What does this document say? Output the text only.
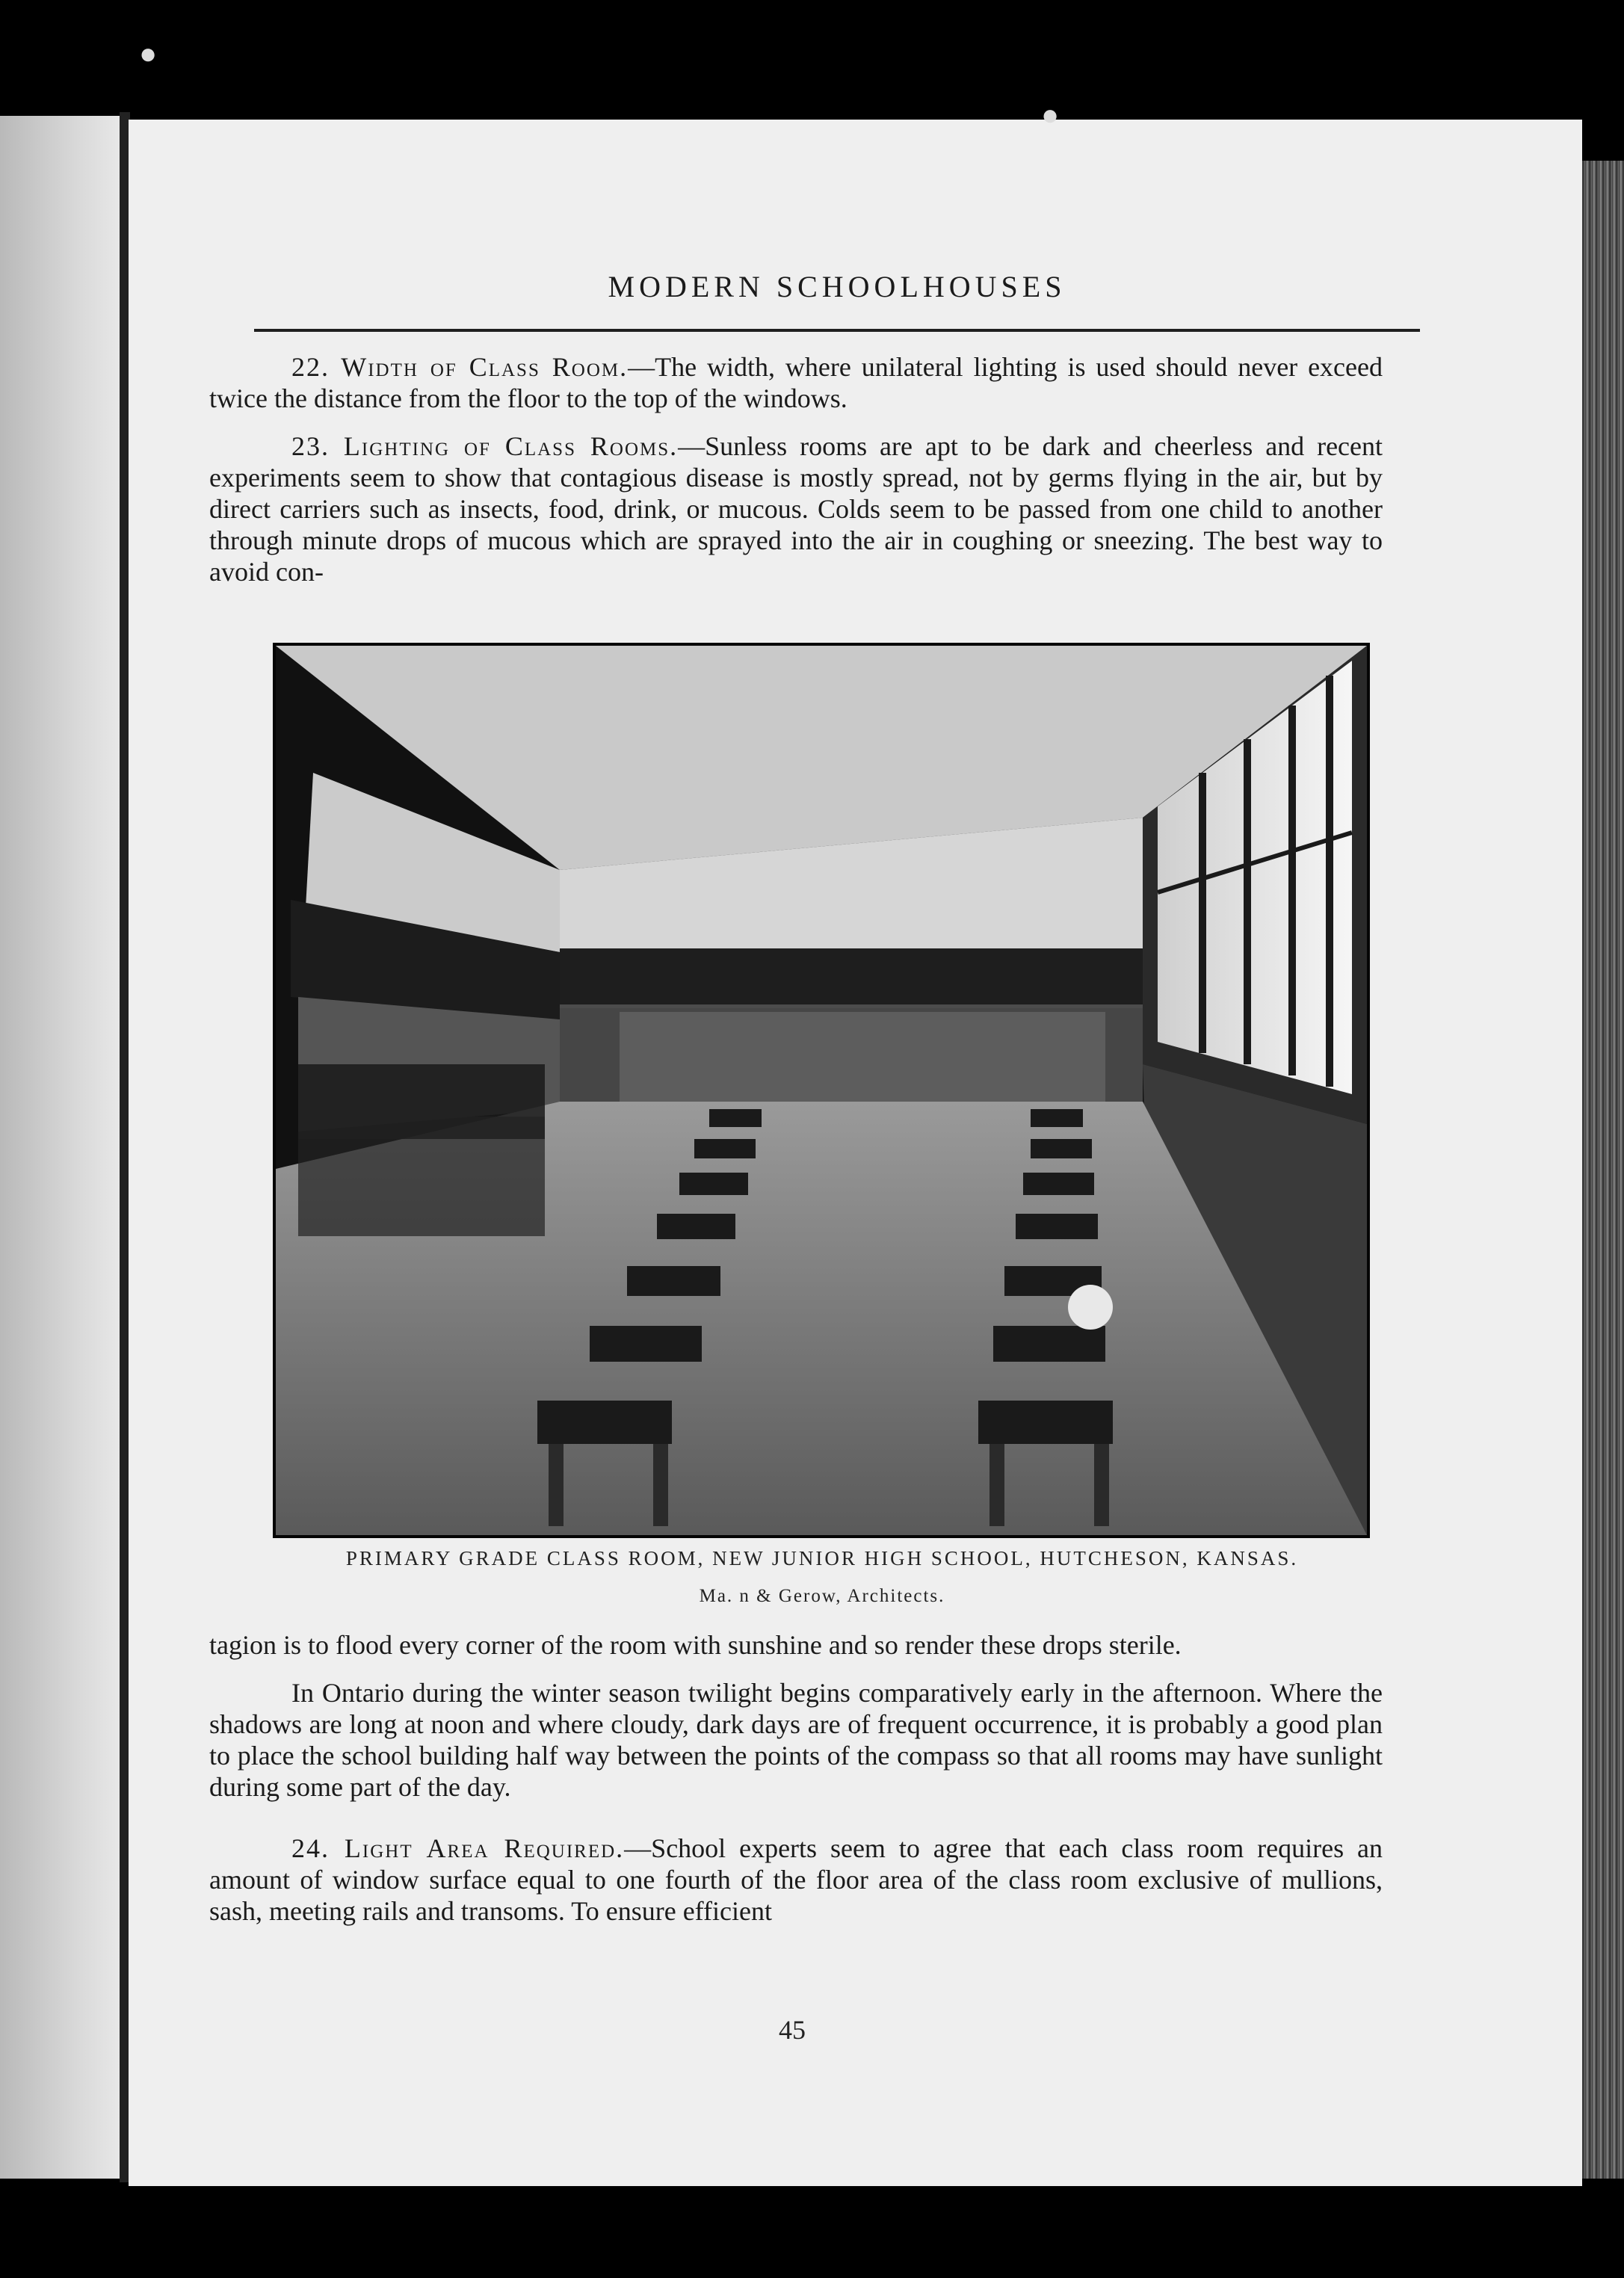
●
●
MODERN SCHOOLHOUSES

22. Width of Class Room.—The width, where unilateral lighting is used should never exceed twice the distance from the floor to the top of the windows.

23. Lighting of Class Rooms.—Sunless rooms are apt to be dark and cheerless and recent experiments seem to show that contagious disease is mostly spread, not by germs flying in the air, but by direct carriers such as insects, food, drink, or mucous. Colds seem to be passed from one child to another through minute drops of mucous which are sprayed into the air in coughing or sneezing. The best way to avoid con-

PRIMARY GRADE CLASS ROOM, NEW JUNIOR HIGH SCHOOL, HUTCHESON, KANSAS.
Ma. n & Gerow, Architects.

tagion is to flood every corner of the room with sunshine and so render these drops sterile.

In Ontario during the winter season twilight begins comparatively early in the afternoon. Where the shadows are long at noon and where cloudy, dark days are of frequent occurrence, it is probably a good plan to place the school building half way between the points of the compass so that all rooms may have sunlight during some part of the day.

24. Light Area Required.—School experts seem to agree that each class room requires an amount of window surface equal to one fourth of the floor area of the class room exclusive of mullions, sash, meeting rails and transoms. To ensure efficient

45
